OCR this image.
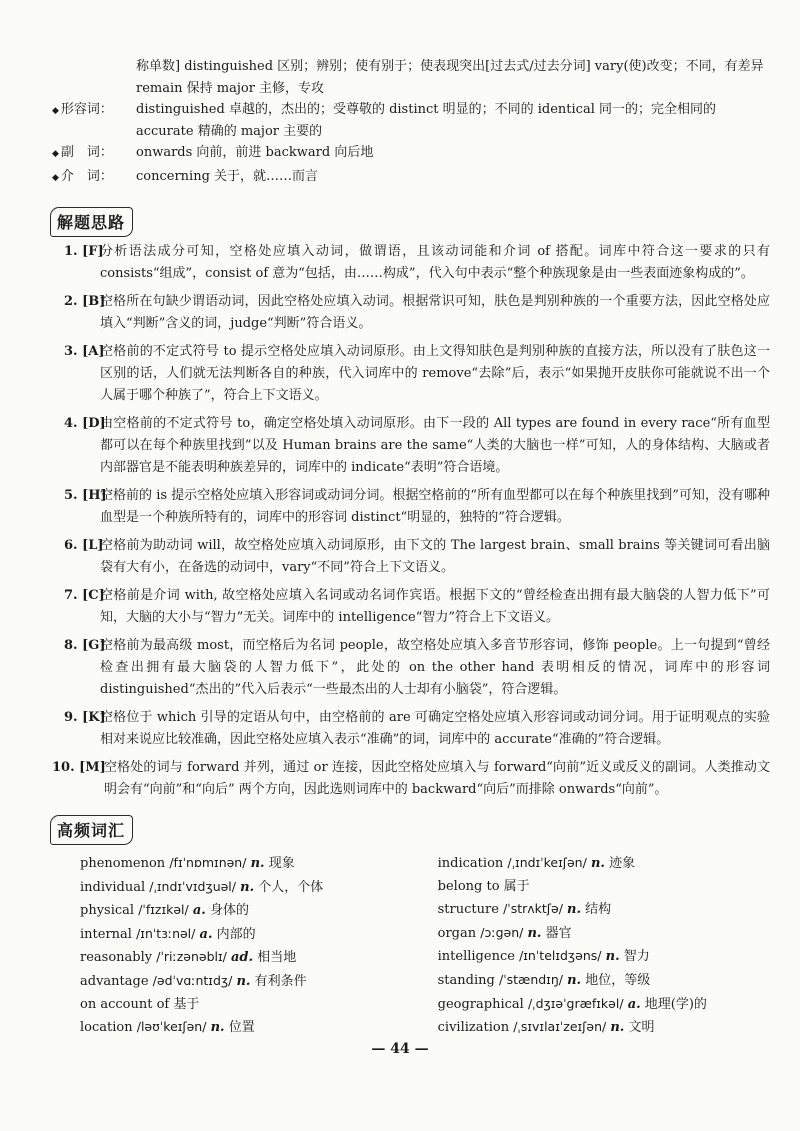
称单数] distinguished 区别；辨别；使有别于；使表现突出[过去式/过去分词] vary(使)改变；不同，有差异 remain 保持 major 主修，专攻
◆ 形容词：	distinguished 卓越的，杰出的；受尊敬的 distinct 明显的；不同的 identical 同一的；完全相同的 accurate 精确的 major 主要的
◆ 副　词：	onwards 向前，前进 backward 向后地
◆ 介　词：	concerning 关于，就……而言
解题思路
1. [F]
分析语法成分可知，空格处应填入动词，做谓语，且该动词能和介词 of 搭配。词库中符合这一要求的只有 consists“组成”，consist of 意为“包括，由……构成”，代入句中表示“整个种族现象是由一些表面迹象构成的”。
2. [B]
空格所在句缺少谓语动词，因此空格处应填入动词。根据常识可知，肤色是判别种族的一个重要方法，因此空格处应填入“判断”含义的词，judge“判断”符合语义。
3. [A]
空格前的不定式符号 to 提示空格处应填入动词原形。由上文得知肤色是判别种族的直接方法，所以没有了肤色这一区别的话，人们就无法判断各自的种族，代入词库中的 remove“去除”后，表示“如果抛开皮肤你可能就说不出一个人属于哪个种族了”，符合上下文语义。
4. [D]
由空格前的不定式符号 to，确定空格处填入动词原形。由下一段的 All types are found in every race“所有血型都可以在每个种族里找到”以及 Human brains are the same“人类的大脑也一样”可知，人的身体结构、大脑或者内部器官是不能表明种族差异的，词库中的 indicate“表明”符合语境。
5. [H]
空格前的 is 提示空格处应填入形容词或动词分词。根据空格前的“所有血型都可以在每个种族里找到”可知，没有哪种血型是一个种族所特有的，词库中的形容词 distinct“明显的，独特的”符合逻辑。
6. [L]
空格前为助动词 will，故空格处应填入动词原形，由下文的 The largest brain、small brains 等关键词可看出脑袋有大有小，在备选的动词中，vary“不同”符合上下文语义。
7. [C]
空格前是介词 with, 故空格处应填入名词或动名词作宾语。根据下文的“曾经检查出拥有最大脑袋的人智力低下”可知，大脑的大小与“智力”无关。词库中的 intelligence“智力”符合上下文语义。
8. [G]
空格前为最高级 most，而空格后为名词 people，故空格处应填入多音节形容词，修饰 people。上一句提到“曾经检查出拥有最大脑袋的人智力低下”，此处的 on the other hand 表明相反的情况，词库中的形容词 distinguished“杰出的”代入后表示“一些最杰出的人士却有小脑袋”，符合逻辑。
9. [K]
空格位于 which 引导的定语从句中，由空格前的 are 可确定空格处应填入形容词或动词分词。用于证明观点的实验相对来说应比较准确，因此空格处应填入表示“准确”的词，词库中的 accurate“准确的”符合逻辑。
10. [M]
空格处的词与 forward 并列，通过 or 连接，因此空格处应填入与 forward“向前”近义或反义的副词。人类推动文明会有“向前”和“向后” 两个方向，因此选则词库中的 backward“向后”而排除 onwards“向前”。
高频词汇
phenomenon /fɪˈnɒmɪnən/ n. 现象
individual /ˌɪndɪˈvɪdʒuəl/ n. 个人，个体
physical /ˈfɪzɪkəl/ a. 身体的
internal /ɪnˈtɜːnəl/ a. 内部的
reasonably /ˈriːzənəblɪ/ ad. 相当地
advantage /ədˈvɑːntɪdʒ/ n. 有利条件
on account of 基于
location /ləʊˈkeɪʃən/ n. 位置
indication /ˌɪndɪˈkeɪʃən/ n. 迹象
belong to 属于
structure /ˈstrʌktʃə/ n. 结构
organ /ɔːgən/ n. 器官
intelligence /ɪnˈtelɪdʒəns/ n. 智力
standing /ˈstændɪŋ/ n. 地位，等级
geographical /ˌdʒɪəˈgræfɪkəl/ a. 地理(学)的
civilization /ˌsɪvɪlaɪˈzeɪʃən/ n. 文明
— 44 —
